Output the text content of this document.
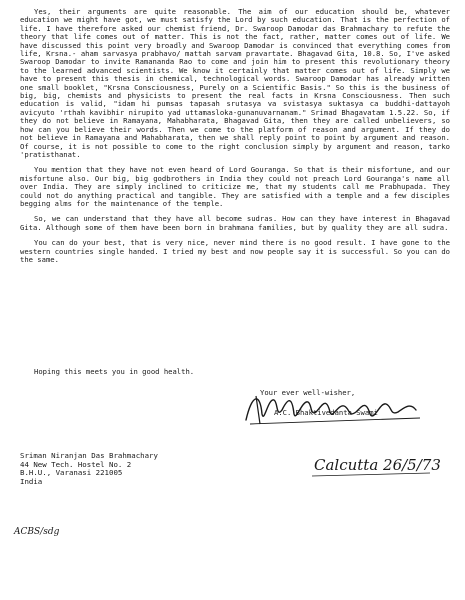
Yes, their arguments are quite reasonable. The aim of our education should be, whatever education we might have got, we must satisfy the Lord by such education. That is the perfection of life. I have therefore asked our chemist friend, Dr. Swaroop Damodar das Brahmachary to refute the theory that life comes out of matter. This is not the fact, rather, matter comes out of life. We have discussed this point very broadly and Swaroop Damodar is convinced that everything comes from life, Krsna.- aham sarvasya prabhavo/ mattah sarvam pravartate. Bhagavad Gita, 10.8. So, I've asked Swaroop Damodar to invite Ramananda Rao to come and join him to present this revolutionary theory to the learned advanced scientists. We know it certainly that matter comes out of life. Simply we have to present this thesis in chemical, technological words. Swaroop Damodar has already written one small booklet, "Krsna Consciousness, Purely on a Scientific Basis." So this is the business of big, big, chemists and physicists to present the real facts in Krsna Consciousness. Then such education is valid, "idam hi pumsas tapasah srutasya va svistasya suktasya ca buddhi-dattayoh avicyuto 'rthah kavibhir nirupito yad uttamasloka-gunanuvarnanam." Srimad Bhagavatam 1.5.22. So, if they do not believe in Ramayana, Mahabharata, Bhagavad Gita, then they are called unbelievers, so how can you believe their words. Then we come to the platform of reason and argument. If they do not believe in Ramayana and Mahabharata, then we shall reply point to point by argument and reason. Of course, it is not possible to come to the right conclusion simply by argument and reason, tarko 'pratisthanat.

You mention that they have not even heard of Lord Gouranga. So that is their misfortune, and our misfortune also. Our big, big godbrothers in India they could not preach Lord Gouranga's name all over India. They are simply inclined to criticize me, that my students call me Prabhupada. They could not do anything practical and tangible. They are satisfied with a temple and a few disciples begging alms for the maintenance of the temple.

So, we can understand that they have all become sudras. How can they have interest in Bhagavad Gita. Although some of them have been born in brahmana families, but by quality they are all sudra.

You can do your best, that is very nice, never mind there is no good result. I have gone to the western countries single handed. I tried my best and now people say it is successful. So you can do the same.

Hoping this meets you in good health.
Your ever well-wisher,
A.C. Bhaktivedanta Swami
Sriman Niranjan Das Brahmachary
44 New Tech. Hostel No. 2
B.H.U., Varanasi 221005
India
Calcutta 26/5/73
ACBS/sdg
